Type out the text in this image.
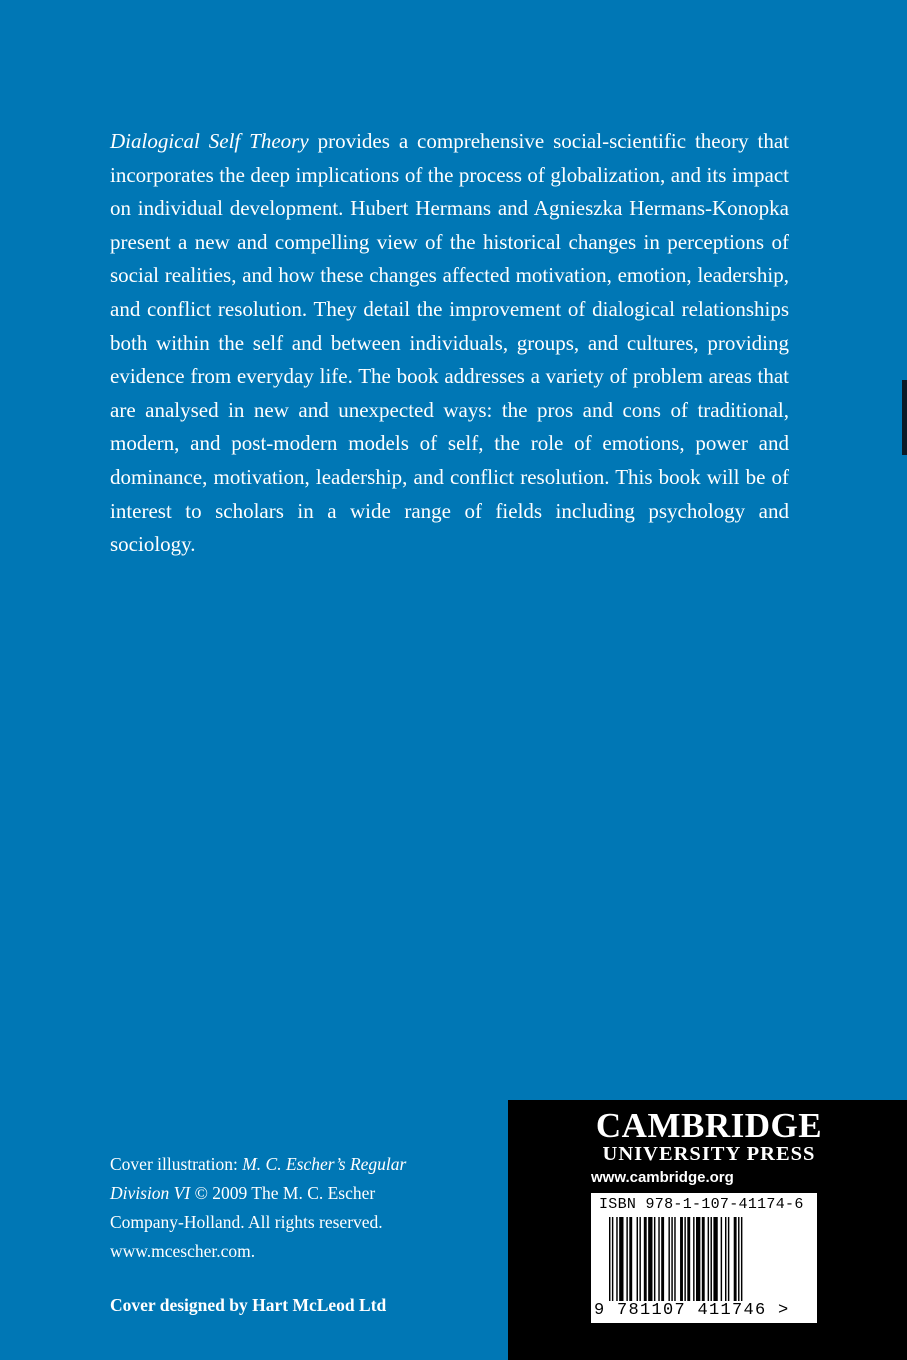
Dialogical Self Theory provides a comprehensive social-scientific theory that incorporates the deep implications of the process of globalization, and its impact on individual development. Hubert Hermans and Agnieszka Hermans-Konopka present a new and compelling view of the historical changes in perceptions of social realities, and how these changes affected motivation, emotion, leadership, and conflict resolution. They detail the improvement of dialogical relationships both within the self and between individuals, groups, and cultures, providing evidence from everyday life. The book addresses a variety of problem areas that are analysed in new and unexpected ways: the pros and cons of traditional, modern, and post-modern models of self, the role of emotions, power and dominance, motivation, leadership, and conflict resolution. This book will be of interest to scholars in a wide range of fields including psychology and sociology.

Cover illustration: M. C. Escher’s Regular Division VI © 2009 The M. C. Escher Company-Holland. All rights reserved. www.mcescher.com.
Cover designed by Hart McLeod Ltd
CAMBRIDGE
UNIVERSITY PRESS
www.cambridge.org
ISBN 978-1-107-41174-6
9 781107 411746 >
